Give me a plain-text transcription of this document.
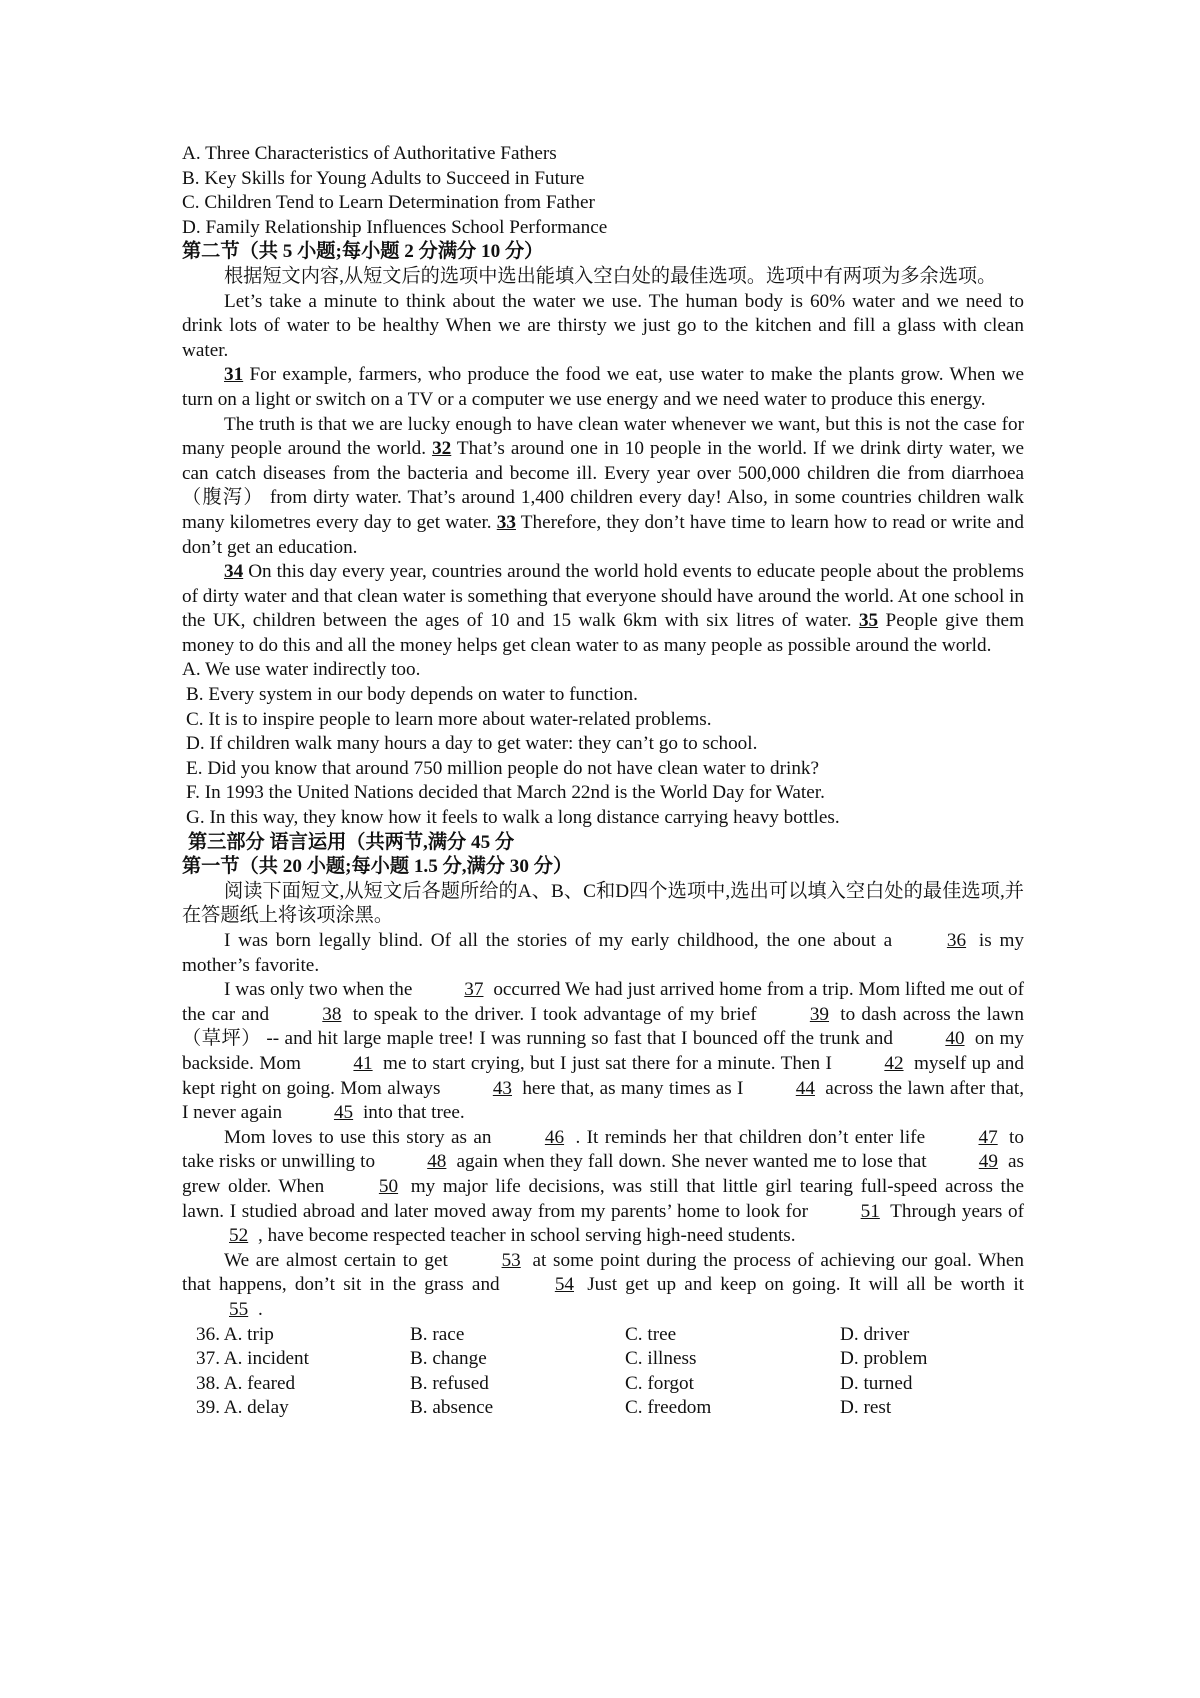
A. Three Characteristics of Authoritative Fathers
B. Key Skills for Young Adults to Succeed in Future
C. Children Tend to Learn Determination from Father
D. Family Relationship Influences School Performance
第二节（共 5 小题;每小题 2 分满分 10 分）

根据短文内容,从短文后的选项中选出能填入空白处的最佳选项。选项中有两项为多余选项。

Let’s take a minute to think about the water we use. The human body is 60% water and we need to drink lots of water to be healthy When we are thirsty we just go to the kitchen and fill a glass with clean water.

31 For example, farmers, who produce the food we eat, use water to make the plants grow. When we turn on a light or switch on a TV or a computer we use energy and we need water to produce this energy.

The truth is that we are lucky enough to have clean water whenever we want, but this is not the case for many people around the world. 32 That’s around one in 10 people in the world. If we drink dirty water, we can catch diseases from the bacteria and become ill. Every year over 500,000 children die from diarrhoea（腹泻） from dirty water. That’s around 1,400 children every day! Also, in some countries children walk many kilometres every day to get water. 33 Therefore, they don’t have time to learn how to read or write and don’t get an education.

34 On this day every year, countries around the world hold events to educate people about the problems of dirty water and that clean water is something that everyone should have around the world. At one school in the UK, children between the ages of 10 and 15 walk 6km with six litres of water. 35 People give them money to do this and all the money helps get clean water to as many people as possible around the world.

A. We use water indirectly too.
B. Every system in our body depends on water to function.
C. It is to inspire people to learn more about water-related problems.
D. If children walk many hours a day to get water: they can’t go to school.
E. Did you know that around 750 million people do not have clean water to drink?
F. In 1993 the United Nations decided that March 22nd is the World Day for Water.
G. In this way, they know how it feels to walk a long distance carrying heavy bottles.
第三部分 语言运用（共两节,满分 45 分
第一节（共 20 小题;每小题 1.5 分,满分 30 分）

阅读下面短文,从短文后各题所给的A、B、C和D四个选项中,选出可以填入空白处的最佳选项,并在答题纸上将该项涂黑。

I was born legally blind. Of all the stories of my early childhood, the one about a 36 is my mother’s favorite.

I was only two when the 37 occurred We had just arrived home from a trip. Mom lifted me out of the car and 38 to speak to the driver. I took advantage of my brief 39 to dash across the lawn（草坪） -- and hit large maple tree! I was running so fast that I bounced off the trunk and 40 on my backside. Mom 41 me to start crying, but I just sat there for a minute. Then I 42 myself up and kept right on going. Mom always 43 here that, as many times as I 44 across the lawn after that, I never again 45 into that tree.

Mom loves to use this story as an 46 . It reminds her that children don’t enter life 47 to take risks or unwilling to 48 again when they fall down. She never wanted me to lose that 49 as grew older. When 50 my major life decisions, was still that little girl tearing full-speed across the lawn. I studied abroad and later moved away from my parents’ home to look for 51 Through years of 52 , have become respected teacher in school serving high-need students.

We are almost certain to get 53 at some point during the process of achieving our goal. When that happens, don’t sit in the grass and 54 Just get up and keep on going. It will all be worth it 55 .

36. A. trip	B. race	C. tree	D. driver
37. A. incident	B. change	C. illness	D. problem
38. A. feared	B. refused	C. forgot	D. turned
39. A. delay	B. absence	C. freedom	D. rest
